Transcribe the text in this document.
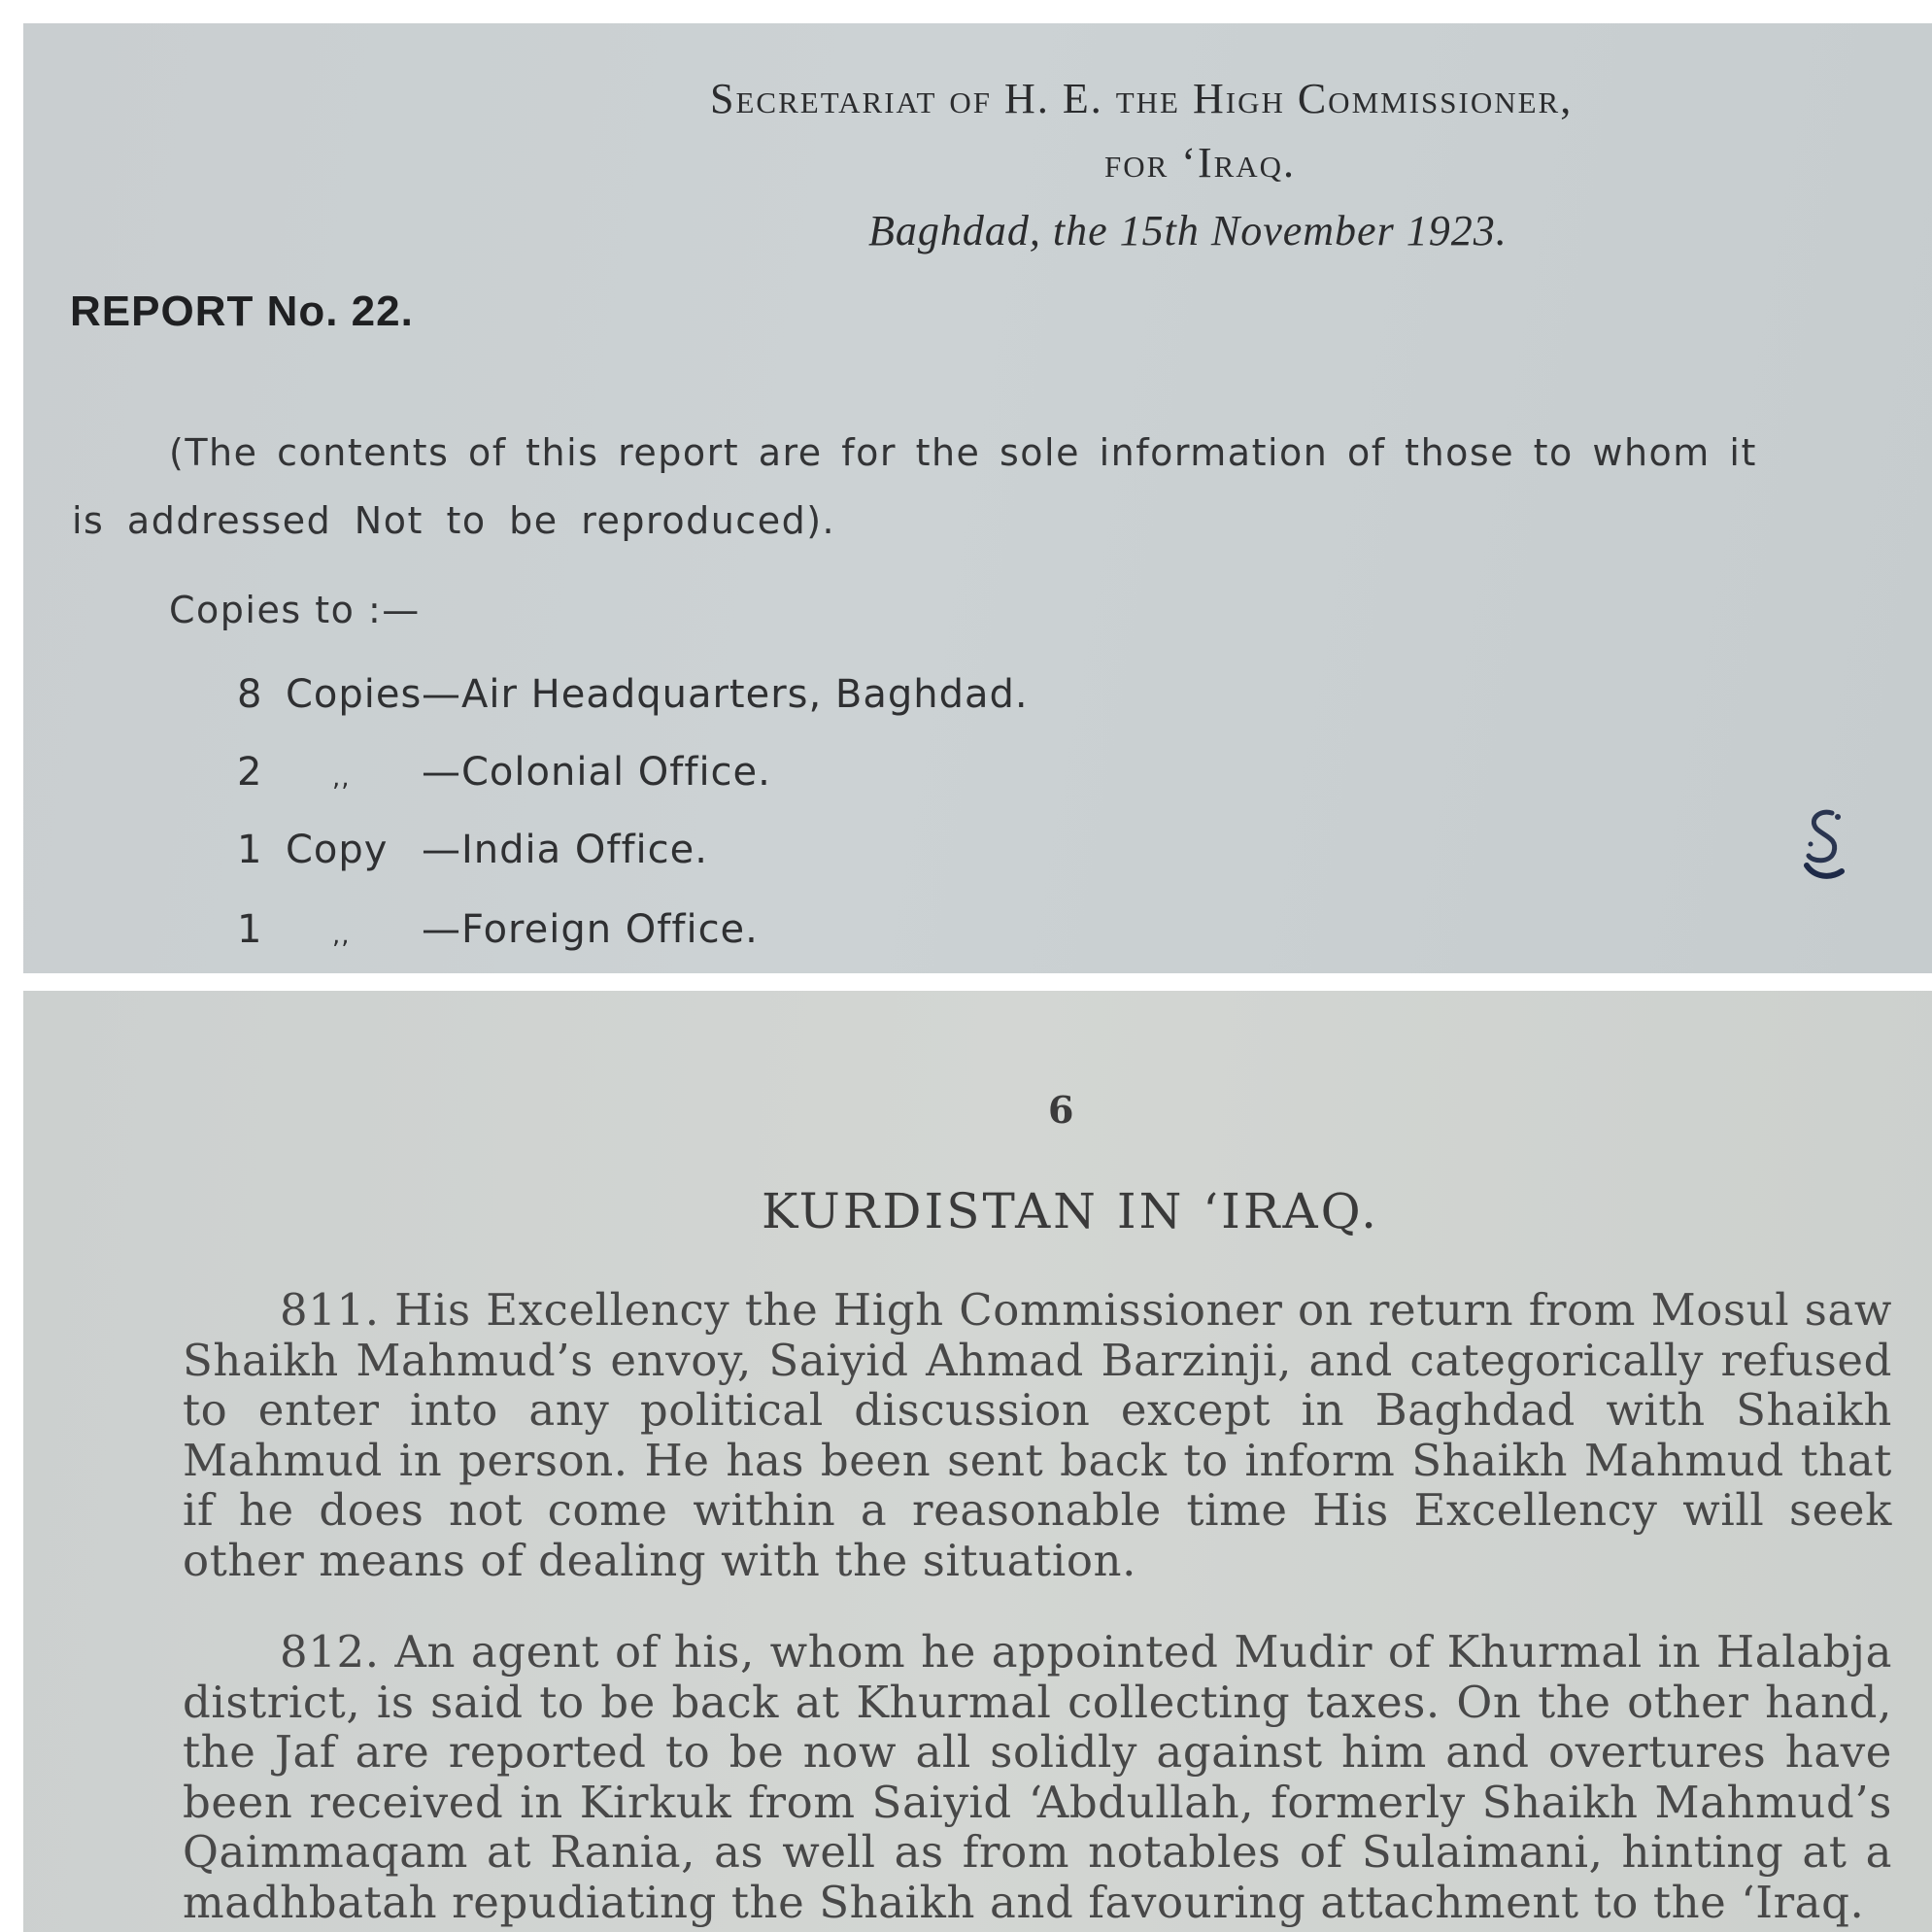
Secretariat of H. E. the High Commissioner,
for ‘Iraq.
Baghdad, the 15th November 1923.
REPORT No. 22.
(The contents of this report are for the sole information of those to whom it
is addressed Not to be reproduced).
Copies to :—
8 Copies —Air Headquarters, Baghdad.
2	,, —Colonial Office.
1 Copy —India Office.
1	,, —Foreign Office.
6
KURDISTAN IN ‘IRAQ.
811. His Excellency the High Commissioner on return from Mosul saw Shaikh Mahmud’s envoy, Saiyid Ahmad Barzinji, and categorically refused to enter into any political discussion except in Baghdad with Shaikh Mahmud in person. He has been sent back to inform Shaikh Mahmud that if he does not come within a reasonable time His Excellency will seek other means of dealing with the situation.
812. An agent of his, whom he appointed Mudir of Khurmal in Halabja district, is said to be back at Khurmal collecting taxes. On the other hand, the Jaf are reported to be now all solidly against him and overtures have been received in Kirkuk from Saiyid ‘Abdullah, formerly Shaikh Mahmud’s Qaimmaqam at Rania, as well as from notables of Sulaimani, hinting at a madhbatah repudiating the Shaikh and favouring attachment to the ‘Iraq.
